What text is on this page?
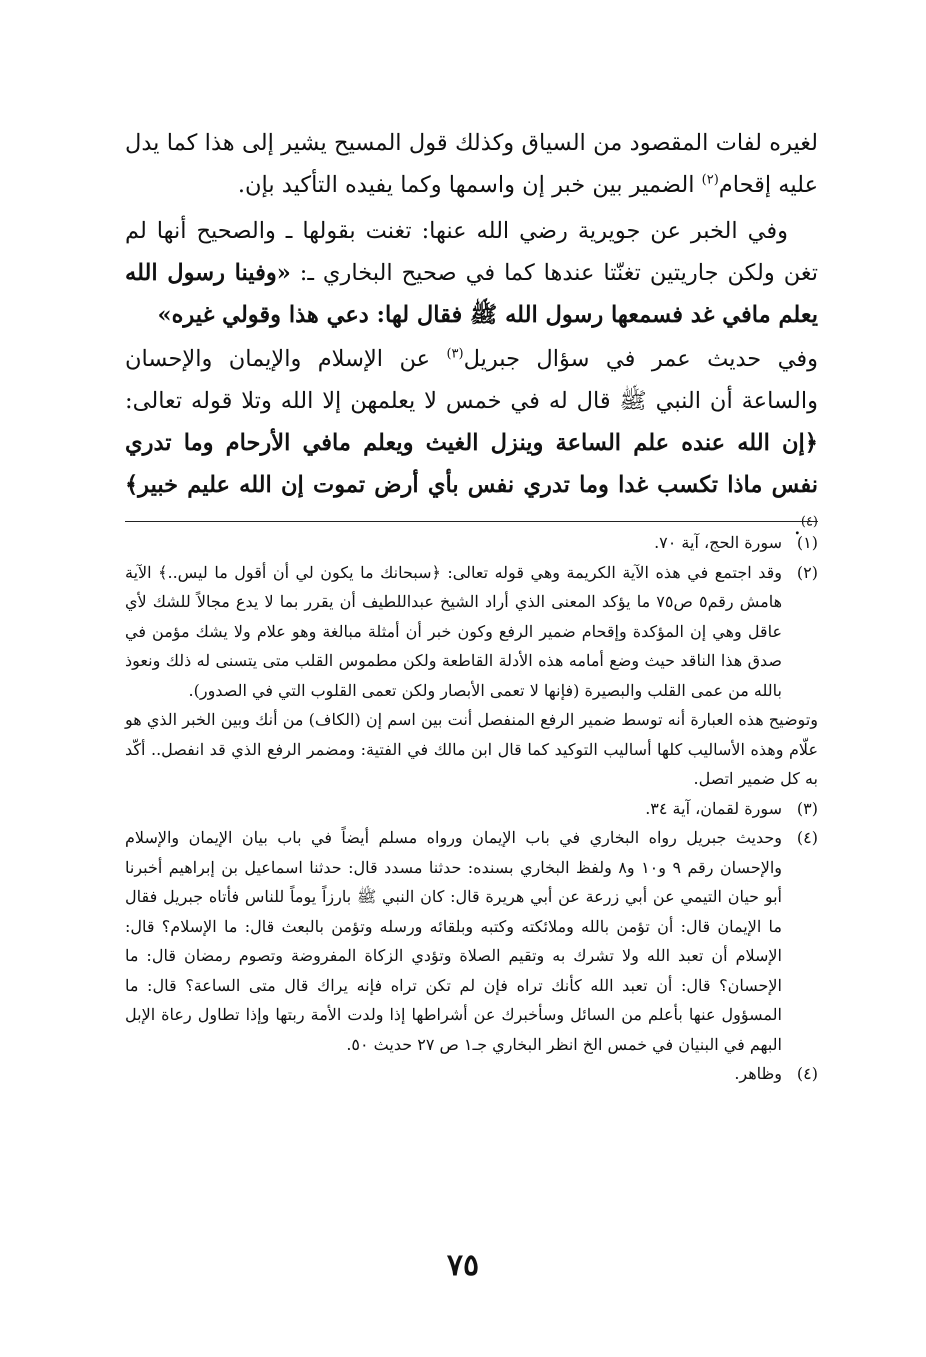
لغيره لفات المقصود من السياق وكذلك قول المسيح يشير إلى هذا كما يدل عليه إقحام$^{(٢)}$ الضمير بين خبر إن واسمها وكما يفيده التأكيد بإن.

وفي الخبر عن جويرية رضي الله عنها: تغنت بقولها ـ والصحيح أنها لم تغن ولكن جاريتين تغنّتا عندها كما في صحيح البخاري ـ: «وفينا رسول الله يعلم مافي غد فسمعها رسول الله ﷺ فقال لها: دعي هذا وقولي غيره»

وفي حديث عمر في سؤال جبريل$^{(٣)}$ عن الإسلام والإيمان والإحسان والساعة أن النبي ﷺ قال له في خمس لا يعلمهن إلا الله وتلا قوله تعالى: ﴿إن الله عنده علم الساعة وينزل الغيث ويعلم مافي الأرحام وما تدري نفس ماذا تكسب غدا وما تدري نفس بأي أرض تموت إن الله عليم خبير﴾$^{(٤)}$.

(١)
سورة الحج، آية ٧٠.
(٢)
وقد اجتمع في هذه الآية الكريمة وهي قوله تعالى: ﴿سبحانك ما يكون لي أن أقول ما ليس..﴾ الآية هامش رقم٥ ص٧٥ ما يؤكد المعنى الذي أراد الشيخ عبداللطيف أن يقرر بما لا يدع مجالاً للشك لأي عاقل وهي إن المؤكدة وإقحام ضمير الرفع وكون خبر أن أمثلة مبالغة وهو علام ولا يشك مؤمن في صدق هذا الناقد حيث وضع أمامه هذه الأدلة القاطعة ولكن مطموس القلب متى يتسنى له ذلك ونعوذ بالله من عمى القلب والبصيرة (فإنها لا تعمى الأبصار ولكن تعمى القلوب التي في الصدور).

وتوضيح هذه العبارة أنه توسط ضمير الرفع المنفصل أنت بين اسم إن (الكاف) من أنك وبين الخبر الذي هو علّام وهذه الأساليب كلها أساليب التوكيد كما قال ابن مالك في الفتية: ومضمر الرفع الذي قد انفصل.. أكّد به كل ضمير اتصل.

(٣)
سورة لقمان، آية ٣٤.
(٤)
وحديث جبريل رواه البخاري في باب الإيمان ورواه مسلم أيضاً في باب بيان الإيمان والإسلام والإحسان رقم ٩ و١٠ و٨ ولفظ البخاري بسنده: حدثنا مسدد قال: حدثنا اسماعيل بن إبراهيم أخبرنا أبو حيان التيمي عن أبي زرعة عن أبي هريرة قال: كان النبي ﷺ بارزاً يوماً للناس فأتاه جبريل فقال ما الإيمان قال: أن تؤمن بالله وملائكته وكتبه وبلقائه ورسله وتؤمن بالبعث قال: ما الإسلام؟ قال: الإسلام أن تعبد الله ولا تشرك به وتقيم الصلاة وتؤدي الزكاة المفروضة وتصوم رمضان قال: ما الإحسان؟ قال: أن تعبد الله كأنك تراه فإن لم تكن تراه فإنه يراك قال متى الساعة؟ قال: ما المسؤول عنها بأعلم من السائل وسأخبرك عن أشراطها إذا ولدت الأمة ربتها وإذا تطاول رعاة الإبل البهم في البنيان في خمس الخ انظر البخاري جـ١ ص ٢٧ حديث ٥٠.
(٤)
وظاهر.
٧٥
